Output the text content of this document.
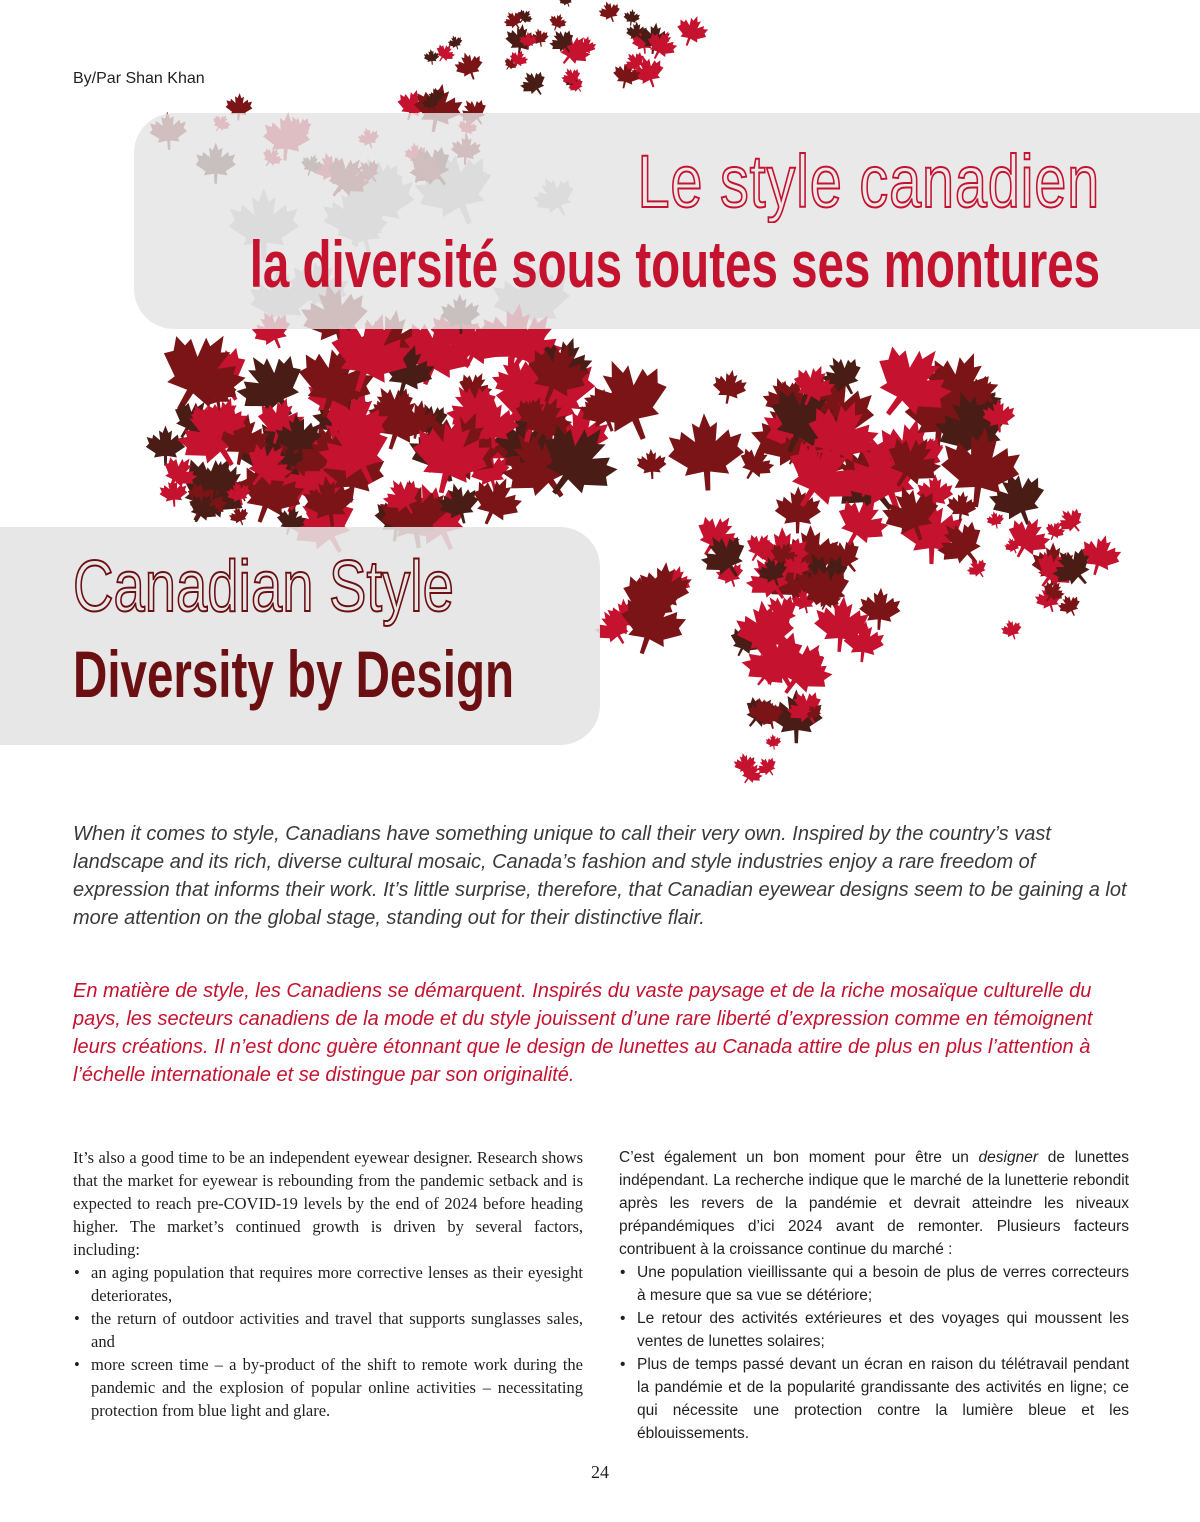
By/Par Shan Khan
Le style canadien
la diversité sous toutes ses montures
Canadian Style
Diversity by Design

When it comes to style, Canadians have something unique to call their very own. Inspired by the country’s vast landscape and its rich, diverse cultural mosaic, Canada’s fashion and style industries enjoy a rare freedom of expression that informs their work. It’s little surprise, therefore, that Canadian eyewear designs seem to be gaining a lot more attention on the global stage, standing out for their distinctive flair.

En matière de style, les Canadiens se démarquent. Inspirés du vaste paysage et de la riche mosaïque culturelle du pays, les secteurs canadiens de la mode et du style jouissent d’une rare liberté d’expression comme en témoignent leurs créations. Il n’est donc guère étonnant que le design de lunettes au Canada attire de plus en plus l’attention à l’échelle internationale et se distingue par son originalité.

It’s also a good time to be an independent eyewear designer. Research shows that the market for eyewear is rebounding from the pandemic setback and is expected to reach pre-COVID-19 levels by the end of 2024 before heading higher. The market’s continued growth is driven by several factors, including:

• an aging population that requires more corrective lenses as their eyesight deteriorates,
• the return of outdoor activities and travel that supports sunglasses sales, and
• more screen time – a by-product of the shift to remote work during the pandemic and the explosion of popular online activities – necessitating protection from blue light and glare.

C’est également un bon moment pour être un designer de lunettes indépendant. La recherche indique que le marché de la lunetterie rebondit après les revers de la pandémie et devrait atteindre les niveaux prépandémiques d’ici 2024 avant de remonter. Plusieurs facteurs contribuent à la croissance continue du marché :

• Une population vieillissante qui a besoin de plus de verres correcteurs à mesure que sa vue se détériore;
• Le retour des activités extérieures et des voyages qui moussent les ventes de lunettes solaires;
• Plus de temps passé devant un écran en raison du télétravail pendant la pandémie et de la popularité grandissante des activités en ligne; ce qui nécessite une protection contre la lumière bleue et les éblouissements.
24
